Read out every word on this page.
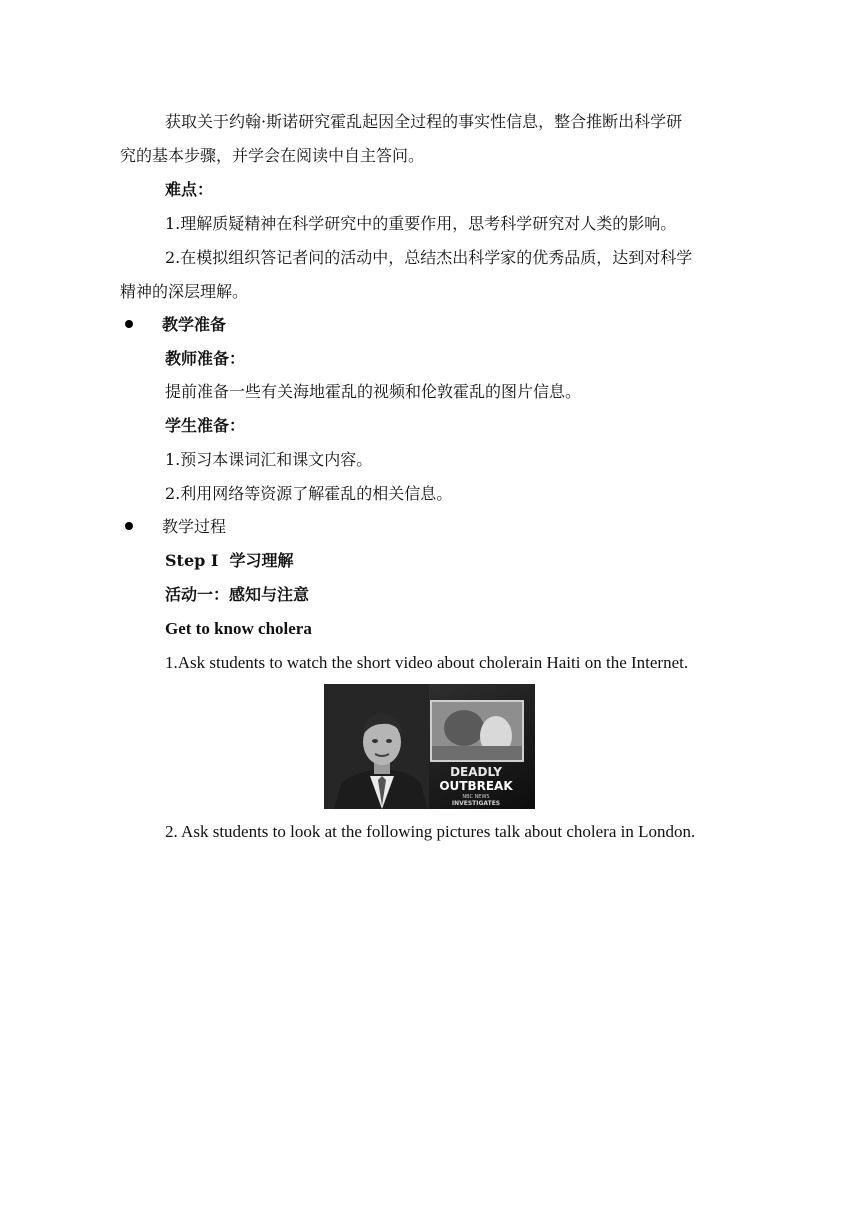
获取关于约翰·斯诺研究霍乱起因全过程的事实性信息，整合推断出科学研
究的基本步骤，并学会在阅读中自主答问。
难点：
1.理解质疑精神在科学研究中的重要作用，思考科学研究对人类的影响。
2.在模拟组织答记者问的活动中，总结杰出科学家的优秀品质，达到对科学
精神的深层理解。
教学准备
教师准备：
提前准备一些有关海地霍乱的视频和伦敦霍乱的图片信息。
学生准备：
1.预习本课词汇和课文内容。
2.利用网络等资源了解霍乱的相关信息。
教学过程
Step I  学习理解
活动一：感知与注意
Get to know cholera
1.Ask students to watch the short video about cholerain Haiti on the Internet.
DEADLY
OUTBREAK
NBC NEWS
INVESTIGATES
2. Ask students to look at the following pictures talk about cholera in London.
